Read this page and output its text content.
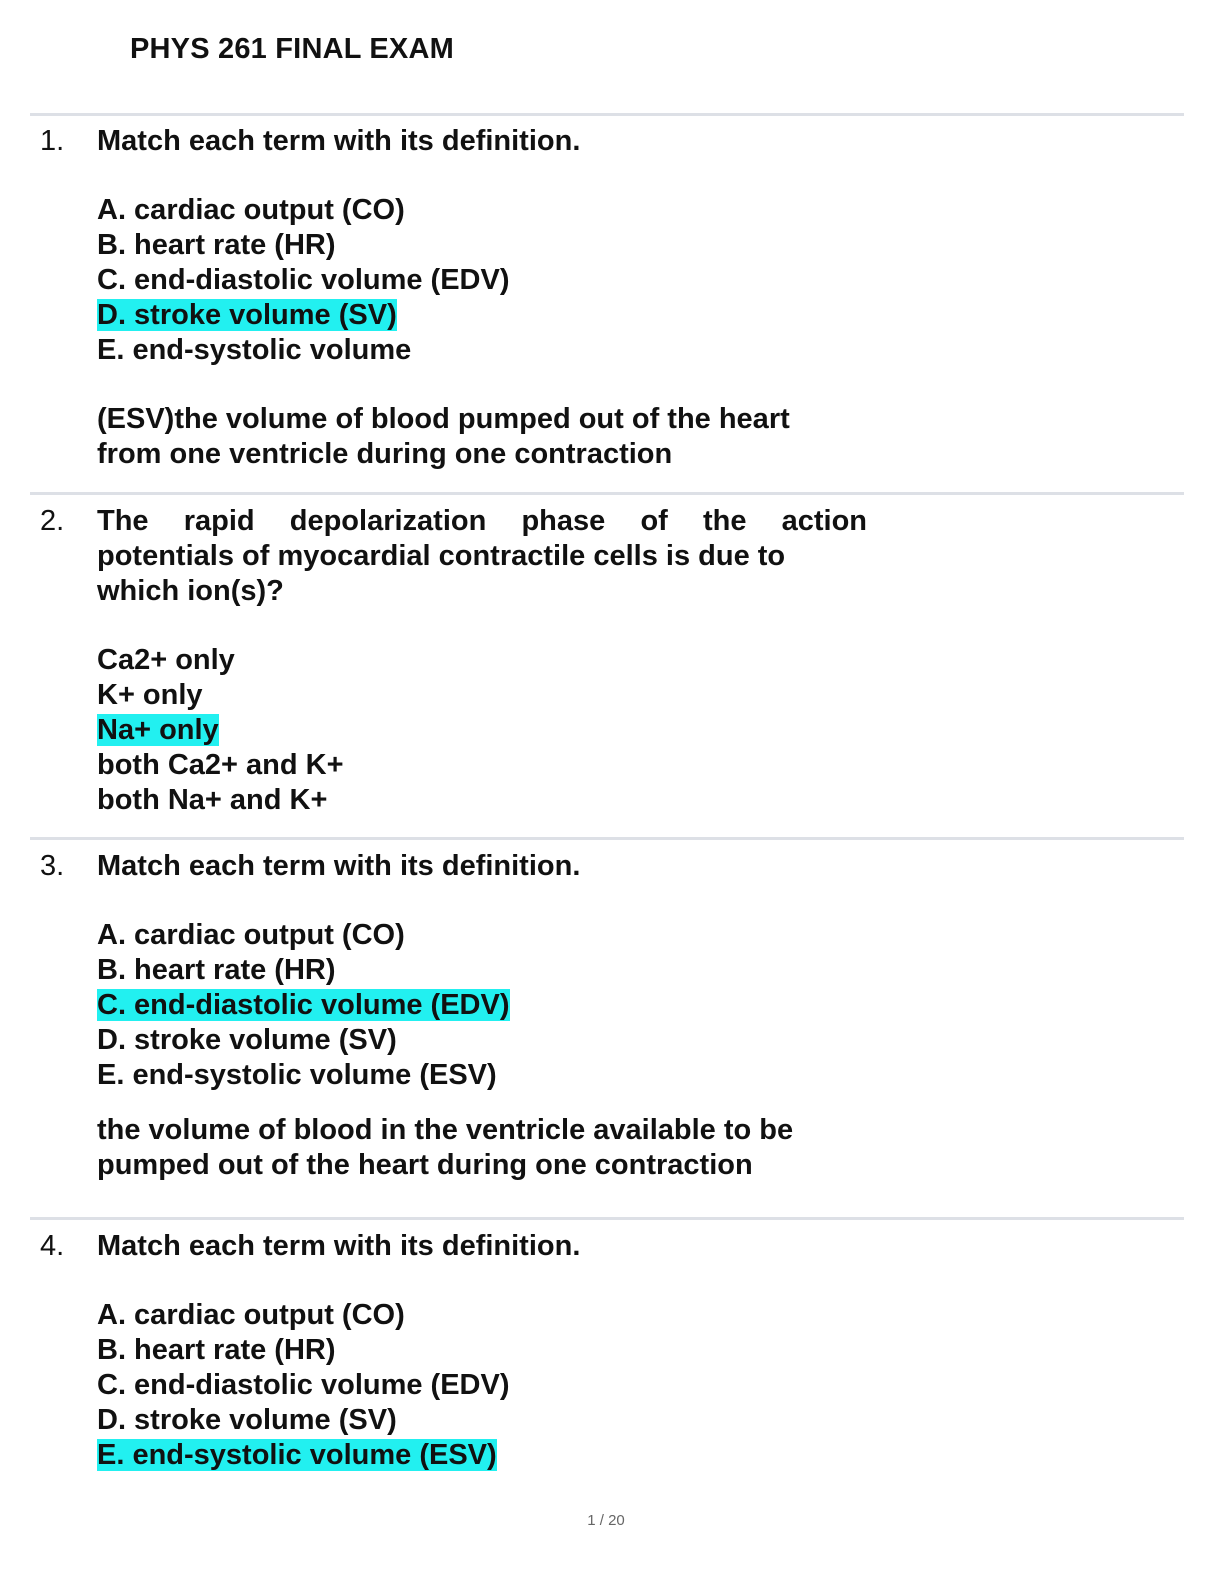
PHYS 261 FINAL EXAM
1. Match each term with its definition.
A. cardiac output (CO)
B. heart rate (HR)
C. end-diastolic volume (EDV)
D. stroke volume (SV)
E. end-systolic volume
(ESV)the volume of blood pumped out of the heart
from one ventricle during one contraction
2. The rapid depolarization phase of the action
potentials of myocardial contractile cells is due to
which ion(s)?
Ca2+ only
K+ only
Na+ only
both Ca2+ and K+
both Na+ and K+
3. Match each term with its definition.
A. cardiac output (CO)
B. heart rate (HR)
C. end-diastolic volume (EDV)
D. stroke volume (SV)
E. end-systolic volume (ESV)
the volume of blood in the ventricle available to be
pumped out of the heart during one contraction
4. Match each term with its definition.
A. cardiac output (CO)
B. heart rate (HR)
C. end-diastolic volume (EDV)
D. stroke volume (SV)
E. end-systolic volume (ESV)
1 / 20
